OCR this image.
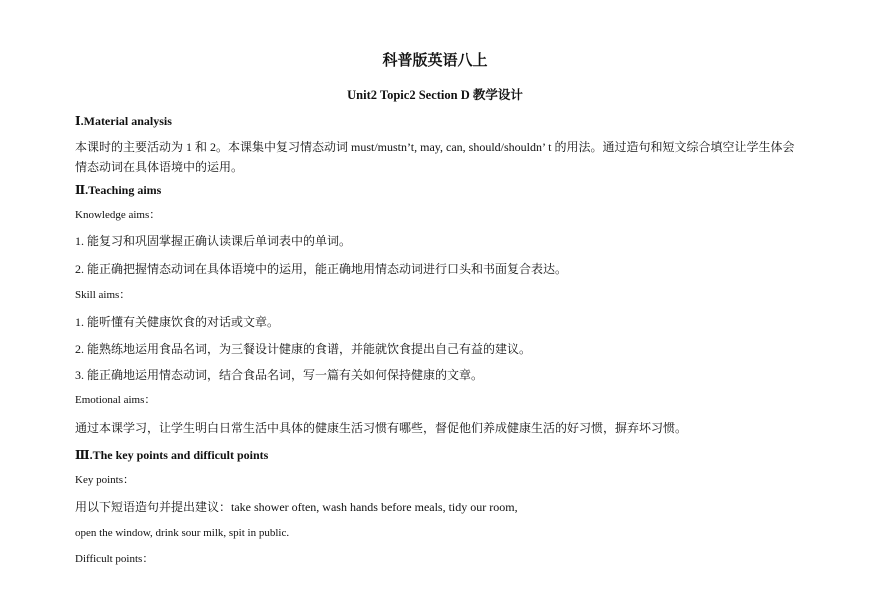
科普版英语八上
Unit2 Topic2 Section D 教学设计
Ⅰ.Material analysis
本课时的主要活动为 1 和 2。本课集中复习情态动词 must/mustn’t, may, can, should/shouldn’ t 的用法。通过造句和短文综合填空让学生体会情态动词在具体语境中的运用。
Ⅱ.Teaching aims
Knowledge aims：
1. 能复习和巩固掌握正确认读课后单词表中的单词。
2. 能正确把握情态动词在具体语境中的运用，能正确地用情态动词进行口头和书面复合表达。
Skill aims：
1. 能听懂有关健康饮食的对话或文章。
2. 能熟练地运用食品名词，为三餐设计健康的食谱，并能就饮食提出自己有益的建议。
3. 能正确地运用情态动词，结合食品名词，写一篇有关如何保持健康的文章。
Emotional aims：
通过本课学习，让学生明白日常生活中具体的健康生活习惯有哪些，督促他们养成健康生活的好习惯，摒弃坏习惯。
Ⅲ.The key points and difficult points
Key points：
用以下短语造句并提出建议：take shower often, wash hands before meals, tidy our room,
open the window, drink sour milk, spit in public.
Difficult points：
